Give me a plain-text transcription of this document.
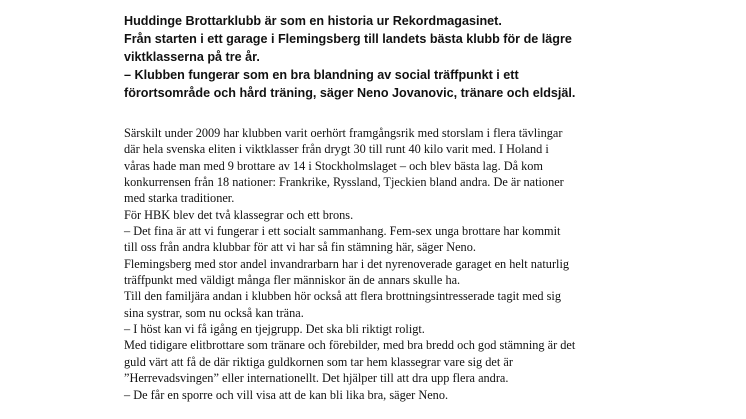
Huddinge Brottarklubb är som en historia ur Rekordmagasinet.

Från starten i ett garage i Flemingsberg till landets bästa klubb för de lägre

viktklasserna på tre år.

– Klubben fungerar som en bra blandning av social träffpunkt i ett

förortsområde och hård träning, säger Neno Jovanovic, tränare och eldsjäl.

Särskilt under 2009 har klubben varit oerhört framgångsrik med storslam i flera tävlingar

där hela svenska eliten i viktklasser från drygt 30 till runt 40 kilo varit med. I Holand i

våras hade man med 9 brottare av 14 i Stockholmslaget – och blev bästa lag. Då kom

konkurrensen från 18 nationer: Frankrike, Ryssland, Tjeckien bland andra. De är nationer

med starka traditioner.

För HBK blev det två klassegrar och ett brons.

– Det fina är att vi fungerar i ett socialt sammanhang. Fem-sex unga brottare har kommit

till oss från andra klubbar för att vi har så fin stämning här, säger Neno.

Flemingsberg med stor andel invandrarbarn har i det nyrenoverade garaget en helt naturlig

träffpunkt med väldigt många fler människor än de annars skulle ha.

Till den familjära andan i klubben hör också att flera brottningsintresserade tagit med sig

sina systrar, som nu också kan träna.

– I höst kan vi få igång en tjejgrupp. Det ska bli riktigt roligt.

Med tidigare elitbrottare som tränare och förebilder, med bra bredd och god stämning är det

guld värt att få de där riktiga guldkornen som tar hem klassegrar vare sig det är

”Herrevadsvingen” eller internationellt. Det hjälper till att dra upp flera andra.

– De får en sporre och vill visa att de kan bli lika bra, säger Neno.
